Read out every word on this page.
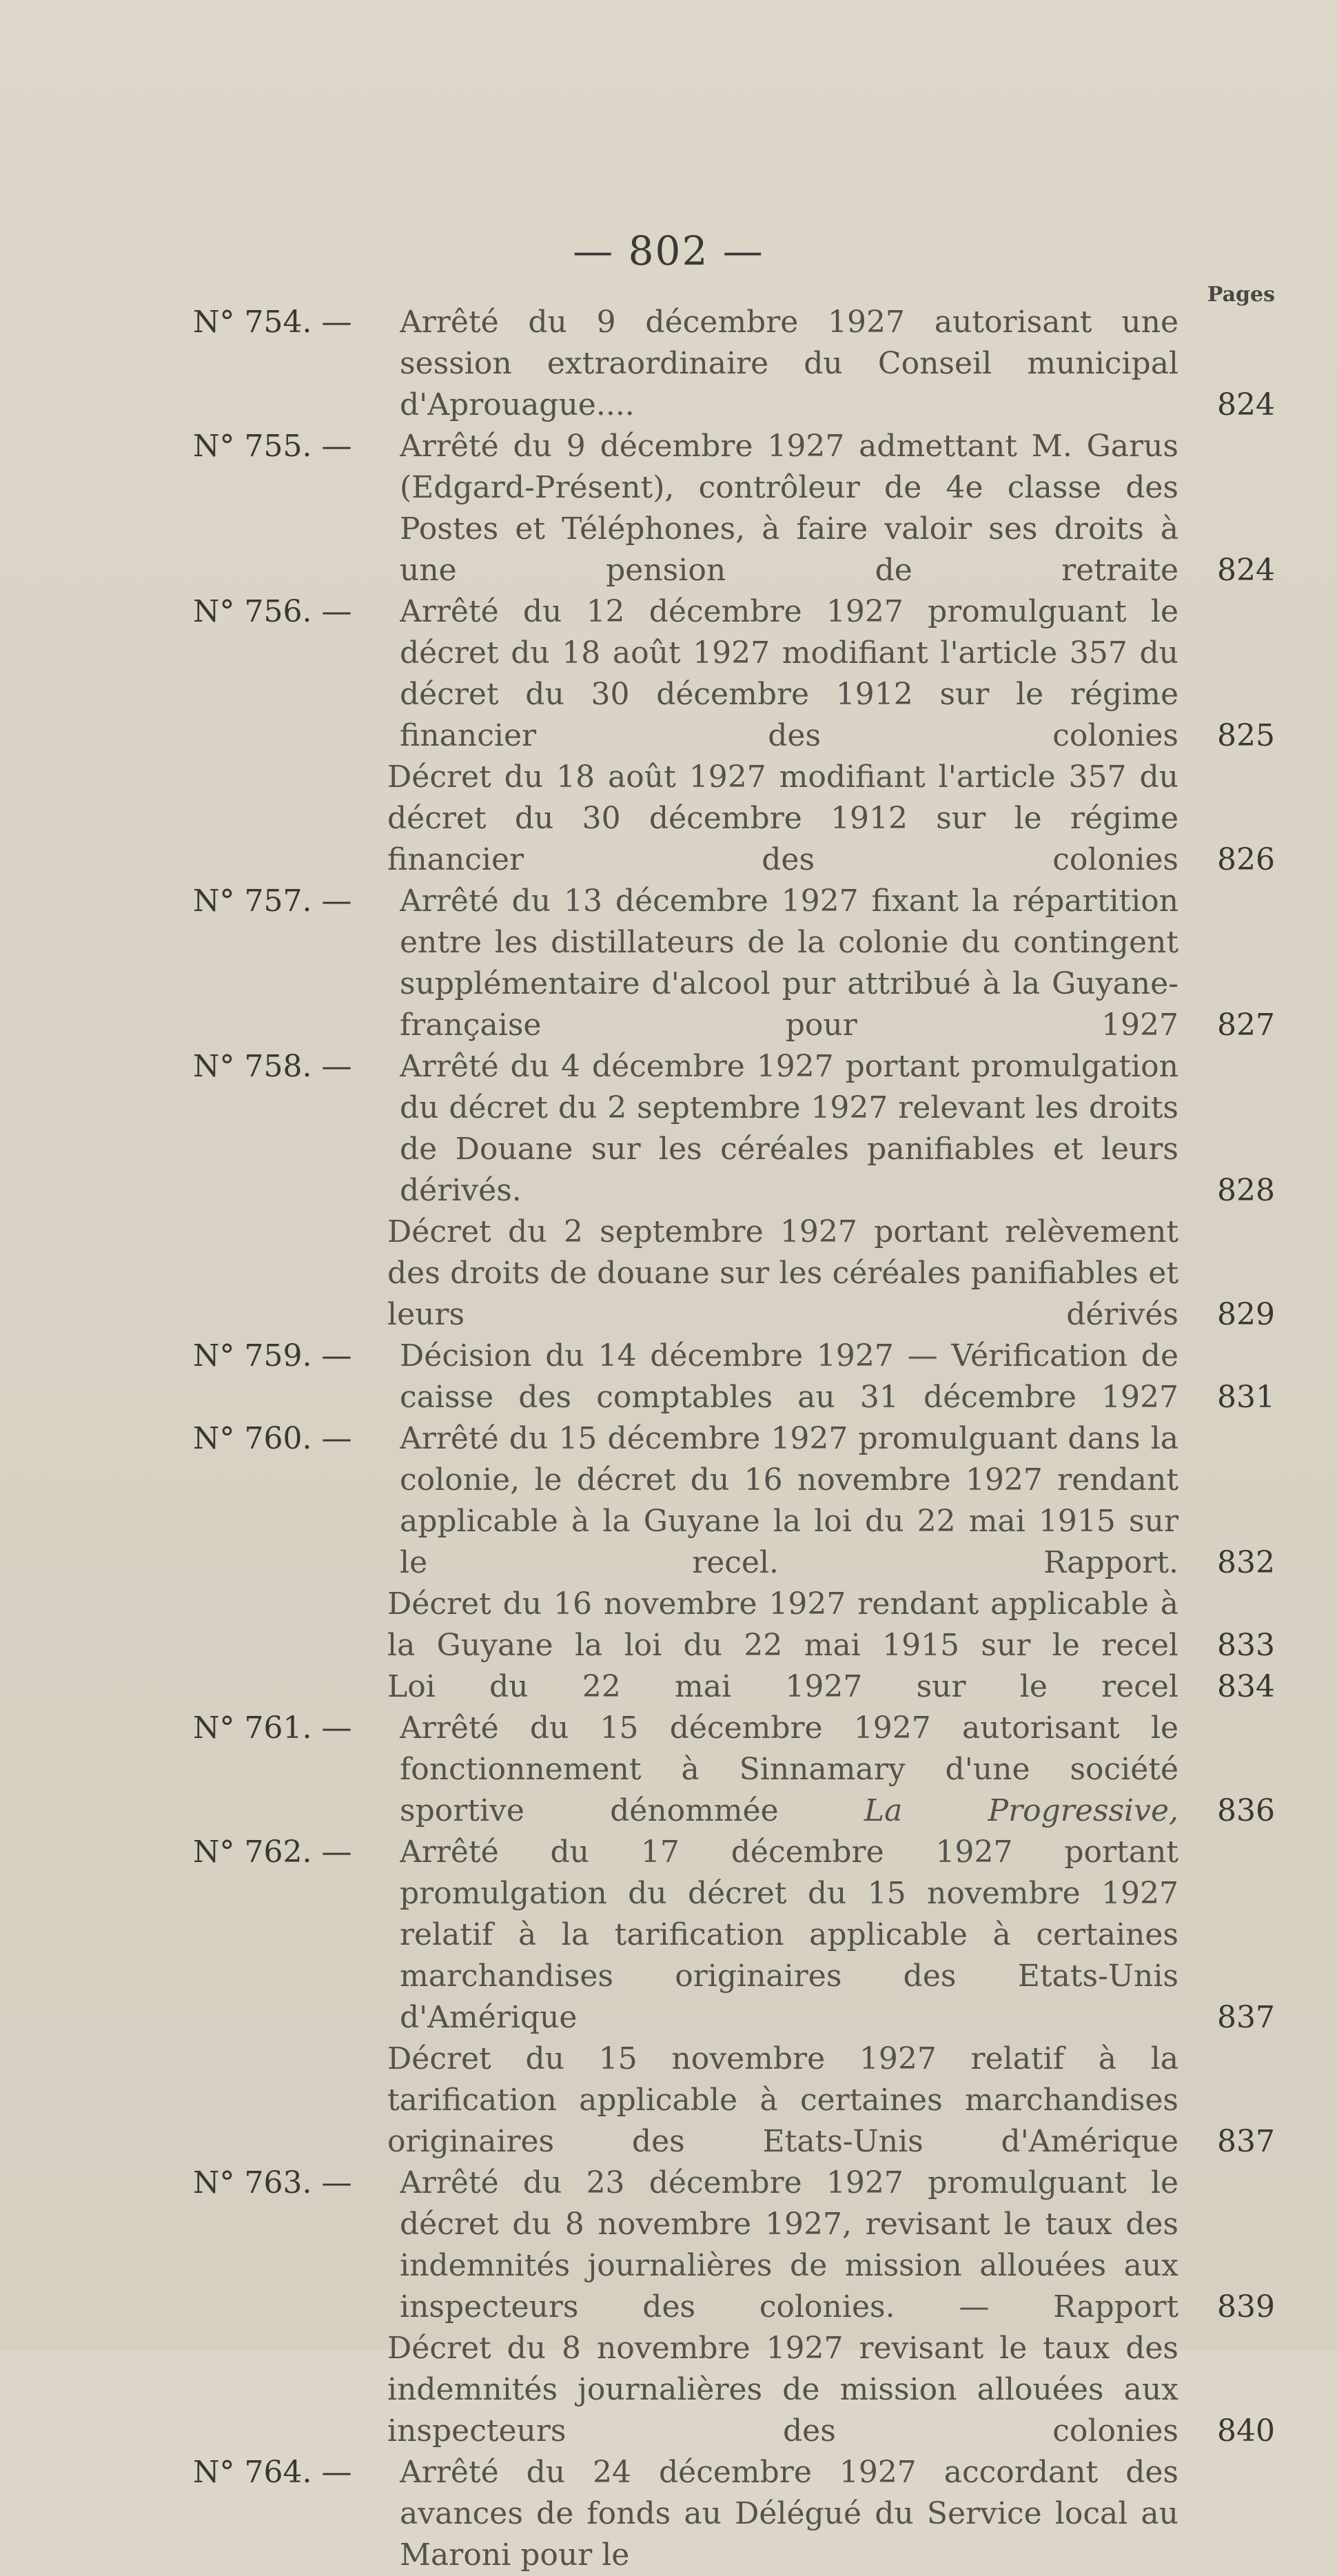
— 802 —
Pages
N° 754. —	Arrêté du 9 décembre 1927 autorisant une session extraordinaire du Conseil municipal d'Aprouague....	824
N° 755. —	Arrêté du 9 décembre 1927 admettant M. Garus (Edgard-Présent), contrôleur de 4e classe des Postes et Téléphones, à faire valoir ses droits à une pension de retraite	824
N° 756. —	Arrêté du 12 décembre 1927 promulguant le décret du 18 août 1927 modifiant l'article 357 du décret du 30 décembre 1912 sur le régime financier des colonies	825
Décret du 18 août 1927 modifiant l'article 357 du décret du 30 décembre 1912 sur le régime financier des colonies	826
N° 757. —	Arrêté du 13 décembre 1927 fixant la répartition entre les distillateurs de la colonie du contingent supplémentaire d'alcool pur attribué à la Guyane-française pour 1927	827
N° 758. —	Arrêté du 4 décembre 1927 portant promulgation du décret du 2 septembre 1927 relevant les droits de Douane sur les céréales panifiables et leurs dérivés.	828
Décret du 2 septembre 1927 portant relèvement des droits de douane sur les céréales panifiables et leurs dérivés	829
N° 759. —	Décision du 14 décembre 1927 — Vérification de caisse des comptables au 31 décembre 1927	831
N° 760. —	Arrêté du 15 décembre 1927 promulguant dans la colonie, le décret du 16 novembre 1927 rendant applicable à la Guyane la loi du 22 mai 1915 sur le recel. Rapport.	832
Décret du 16 novembre 1927 rendant applicable à la Guyane la loi du 22 mai 1915 sur le recel	833
Loi du 22 mai 1927 sur le recel	834
N° 761. —	Arrêté du 15 décembre 1927 autorisant le fonctionnement à Sinnamary d'une société sportive dénommée	La Progressive,	836
N° 762. —	Arrêté du 17 décembre 1927 portant promulgation du décret du 15 novembre 1927 relatif à la tarification applicable à certaines marchandises originaires des Etats-Unis d'Amérique	837
Décret du 15 novembre 1927 relatif à la tarification applicable à certaines marchandises originaires des Etats-Unis d'Amérique	837
N° 763. —	Arrêté du 23 décembre 1927 promulguant le décret du 8 novembre 1927, revisant le taux des indemnités journalières de mission allouées aux inspecteurs des colonies. — Rapport	839
Décret du 8 novembre 1927 revisant le taux des indemnités journalières de mission allouées aux inspecteurs des colonies	840
N° 764. —	Arrêté du 24 décembre 1927 accordant des avances de fonds au Délégué du Service local au Maroni pour le
